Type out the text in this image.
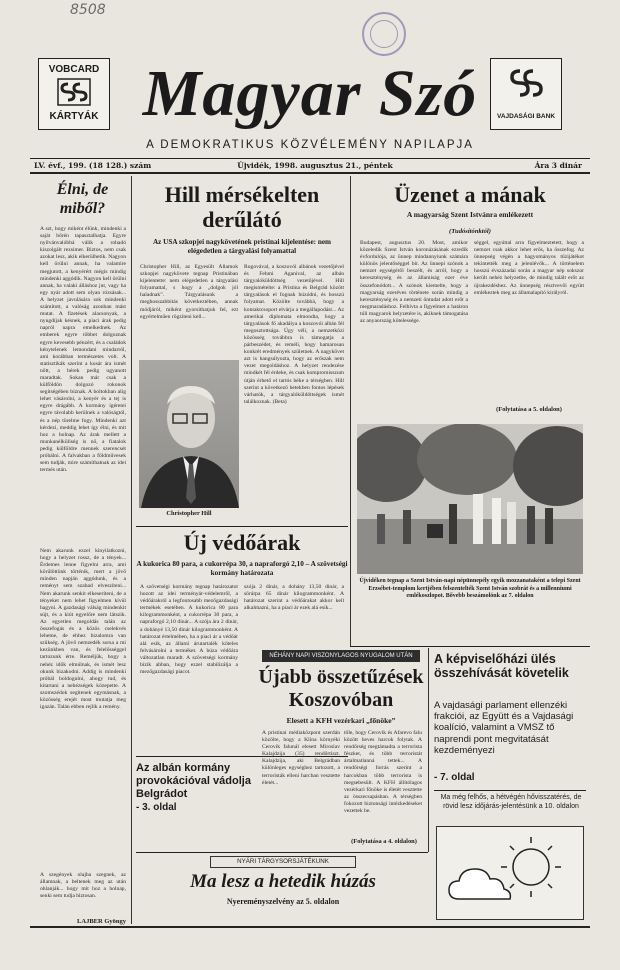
8508
VOBCARD
KÁRTYÁK Magyar Szó	VAJDASÁGI BANK
A DEMOKRATIKUS KÖZVÉLEMÉNY NAPILAPJA
LV. évf., 199. (18 128.) szám	Újvidék, 1998. augusztus 21., péntek	Ára 3 dinár
Élni, de miből?
A szt, hogy miként élünk, mindenki a saját bőrén tapasztalhatja. Egyre nyilvánvalóbbá válik a rohadó kiszolgált rezsimer. Biztos, nem csak azokat lesz, akik elkerülhetik. Nagyon kell örülni annak, ha valamire megjutott, a kenyérért mégis mindig mindenki aggódik. Nagyon kell örülni annak, ha valaki álláshoz jut, vagy ha egy nyár adott sem olyan rózsásak... A helyzet javulására sok mindenki számított, a valóság azonban mást mutat. A fizetések alacsonyak, a nyugdíjak késnek, a piaci árak pedig napról napra emelkednek. Az emberek egyre többet dolgoznak egyre kevesebb pénzért, és a családok kénytelenek lemondani mindarról, ami korábban természetes volt. A statisztikák szerint a kosár ára ismét nőtt, a bérek pedig ugyanott maradtak. Sokan már csak a külföldön dolgozó rokonok segítségében bíznak. A boltokban alig lehet vásárolni, a kenyér és a tej is egyre drágább. A kormány ígéretei egyre távolabb kerülnek a valóságtól, és a nép türelme fogy. Mindenki azt kérdezi, meddig lehet így élni, és mit hoz a holnap. Az árak mellett a munkanélküliség is nő, a fiatalok pedig külföldre mennek szerencsét próbálni. A falvakban a földművesek sem tudják, mire számíthatnak az idei termés után.
Nem akarunk ezzel kinyilatkozni, hogy a helyzet rossz, de a tények... Érdemes lenne figyelni arra, ami körülöttünk történik, mert a jövő minden napján aggódunk, és a reményt sem szabad elveszíteni... Nem akarunk senkit elkeseríteni, de a tényeket nem lehet figyelmen kívül hagyni. A gazdasági válság mindenkit sújt, és a kiút egyelőre nem látszik. Az egyetlen megoldás talán az összefogás és a közös cselekvés lehetne, de ehhez bizalomra van szükség. A jövő nemzedék sorsa a mi kezünkben van, és felelősséggel tartozunk érte. Reméljük, hogy a nehéz idők elmúlnak, és ismét lesz okunk bizakodni. Addig is mindenki próbál boldogulni, ahogy tud, és kitartani a nehézségek közepette. A szomszédok segítenek egymásnak, a közösség erejét most mutatja meg igazán. Talán ebben rejlik a remény.
A szegények olajba szegnek, az államnak, a beltenek meg az után ohlanják... hogy mit hoz a holnap, senki sem tudja biztosan.
LAJBER Gyöngy
Hill mérsékelten derűlátó
Az USA szkopjei nagykövetének pristinai kijelentése: nem elégedetlen a tárgyalási folyamattal
Christopher Hill, az Egyesült Államok szkopjei nagykövete tegnap Pristinában kijelentette: nem elégedetlen a tárgyalási folyamattal, s hogy a „dolgok jól haladnak”. Tárgyalásunk a meghosszabbítás következtében, annak módjáról, miként gyorsíthatjuk fel, ezt egyértelműen rögzíteni kell...
Christopher Hill
Rugovával, a koszovói albánok vezetőjével és Fehmi Aganival, az albán tárgyalóküldöttség vezetőjével. Hill megismételte: a Pristina és Belgrád között tárgyalások el fognak húzódni, és hosszú folyamat. Közölte továbbá, hogy a kontaktcsoport elvárja a megállapodást... Az amerikai diplomata elmondta, hogy a tárgyalások fő akadálya a koszovói albán fél megosztottsága. Úgy véli, a nemzetközi közösség továbbra is támogatja a párbeszédet, és reméli, hogy hamarosan konkrét eredmények születnek. A nagykövet azt is hangsúlyozta, hogy az erőszak nem vezet megoldáshoz. A helyzet rendezése mindkét fél érdeke, és csak kompromisszum útján érhető el tartós béke a térségben. Hill szerint a következő hetekben fontos lépések várhatók, a tárgyalóküldöttségek ismét találkoznak. (Beta)
Új védőárak
A kukorica 80 para, a cukorrépa 30, a napraforgó 2,10 – A szövetségi kormány határozata
A szövetségi kormány tegnap határozatot hozott az idei terményár-védelemről, a védőárakról a legfontosabb mezőgazdasági termékek esetében. A kukorica 80 para kilogrammonként, a cukorrépa 30 para, a napraforgó 2,10 dinár... A szója ára 2 dinár, a dohányé 13,50 dinár kilogrammonként. A határozat értelmében, ha a piaci ár a védőár alá esik, az állami árutartalék köteles felvásárolni a terméket. A búza védőára változatlan maradt. A szövetségi kormány bízik abban, hogy ezzel stabilizálja a mezőgazdasági piacot.
szója 2 dinár, a dohány 13,50 dinár, a sörárpa 65 dinár kilogrammonként. A határozat szerint a védőárakat akkor kell alkalmazni, ha a piaci ár ezek alá esik...
Az albán kormány provokációval vádolja Belgrádot
- 3. oldal
NÉHÁNY NAPI VISZONYLAGOS NYUGALOM UTÁN
Újabb összetűzések Koszovóban
Elesett a KFH vezérkari „főnöke”
A pristinai médiaközpont szerdán közölte, hogy a Klina környéki Cerovik falunál elesett Miroslav Kalajdzija (35) rendőrtiszt. Kalajdzija, aki Belgrádban különleges egységhez tartozott, a terroristák elleni harcban vesztette életét...
tőle, hogy Cerovik és Afarevo falu között heves harcok folytak. A rendőrség megtámadta a terrorista fészket, és több terroristát ártalmatlanná tettek... A rendőrségi forrás szerint a harcokban több terrorista is megsebesült. A KFH állítólagos vezérkari főnöke is életét vesztette az összecsapásban. A térségben fokozott biztonsági intézkedéseket vezettek be.
(Folytatása a 4. oldalon)
Üzenet a mának
A magyarság Szent Istvánra emlékezett
(Tudósítónktól)
Budapest, augusztus 20. Most, amikor közeledik Szent István koronázásának ezredik évfordulója, az ünnep mindannyiunk számára különös jelentőséggel bír. Az ünnepi szónok a nemzet egységéről beszélt, és arról, hogy a kereszténység és az államiság ezer éve összefonódott... A szónok kiemelte, hogy a magyarság ezeréves története során mindig a kereszténység és a nemzeti öntudat adott erőt a megmaradáshoz. Felhívta a figyelmet a határon túli magyarok helyzetére is, akiknek támogatása az anyaország kötelessége.
séggel, egyúttal arra figyelmeztetett, hogy a nemzet csak akkor lehet erős, ha összefog. Az ünnepség végén a hagyományos tűzijátékot tekintették meg a jelenlévők... A történelem hosszú évszázadai során a magyar nép sokszor került nehéz helyzetbe, de mindig talált erőt az újrakezdéshez. Az ünnepség résztvevői együtt emlékeztek meg az államalapító királyról.
(Folytatása a 5. oldalon)
Újvidéken tegnap a Szent István-napi népünnepély egyik mozzanataként a telepi Szent Erzsébet-templom kertjében felszentelték Szent István szobrát és a millenniumi emlékoszlopot. Bővebb beszámolónk az 7. oldalon
A képviselőházi ülés összehívását követelik
A vajdasági parlament ellenzéki frakciói, az Együtt és a Vajdasági koalíció, valamint a VMSZ tő naprendi pont megvitatását kezdeményezi
- 7. oldal
Ma még felhős, a hétvégén hővisszatérés, de rövid lesz időjárás-jelentésünk a 10. oldalon
NYÁRI TÁRGYSORSJÁTÉKUNK
Ma lesz a hetedik húzás
Nyereményszelvény az 5. oldalon
